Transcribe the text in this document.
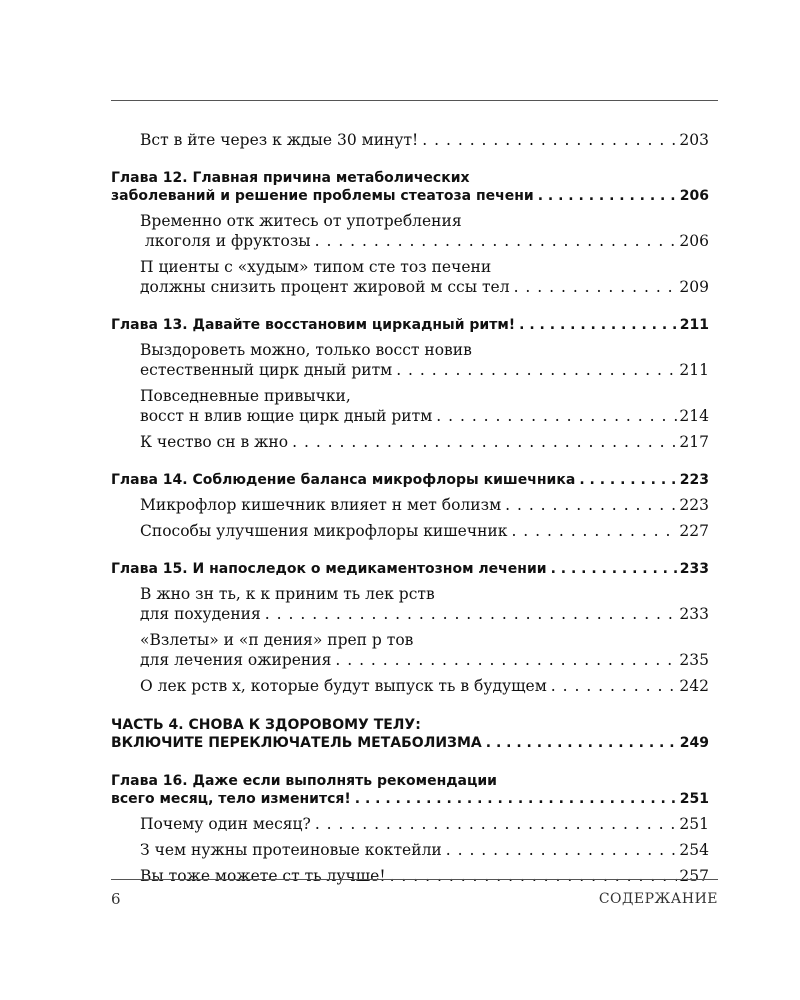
Вст в йте через к ждые 30 минут! . . .	203
Глава 12. Главная причина метаболических
заболеваний и решение проблемы стеатоза печени . . .	206
Временно отк житесь от употребления
лкоголя и фруктозы . . .	206
П циенты с «худым» типом сте тоз печени
должны снизить процент жировой м ссы тел . . .	209
Глава 13. Давайте восстановим циркадный ритм! . . .	211
Выздороветь можно, только восст новив
естественный цирк дный ритм . . .	211
Повседневные привычки,
восст н влив ющие цирк дный ритм . . .	214
К чество сн в жно . . .	217
Глава 14. Соблюдение баланса микрофлоры кишечника . . .	223
Микрофлор кишечник влияет н мет болизм . . .	223
Способы улучшения микрофлоры кишечник . . .	227
Глава 15. И напоследок о медикаментозном лечении . . .	233
В жно зн ть, к к приним ть лек рств
для похудения . . .	233
«Взлеты» и «п дения» преп р тов
для лечения ожирения . . .	235
О лек рств х, которые будут выпуск ть в будущем . . .	242
ЧАСТЬ 4. СНОВА К ЗДОРОВОМУ ТЕЛУ:
ВКЛЮЧИТЕ ПЕРЕКЛЮЧАТЕЛЬ МЕТАБОЛИЗМА . . .	249
Глава 16. Даже если выполнять рекомендации
всего месяц, тело изменится! . . .	251
Почему один месяц? . . .	251
З чем нужны протеиновые коктейли . . .	254
Вы тоже можете ст ть лучше! . . .	257
6	СОДЕРЖАНИЕ
